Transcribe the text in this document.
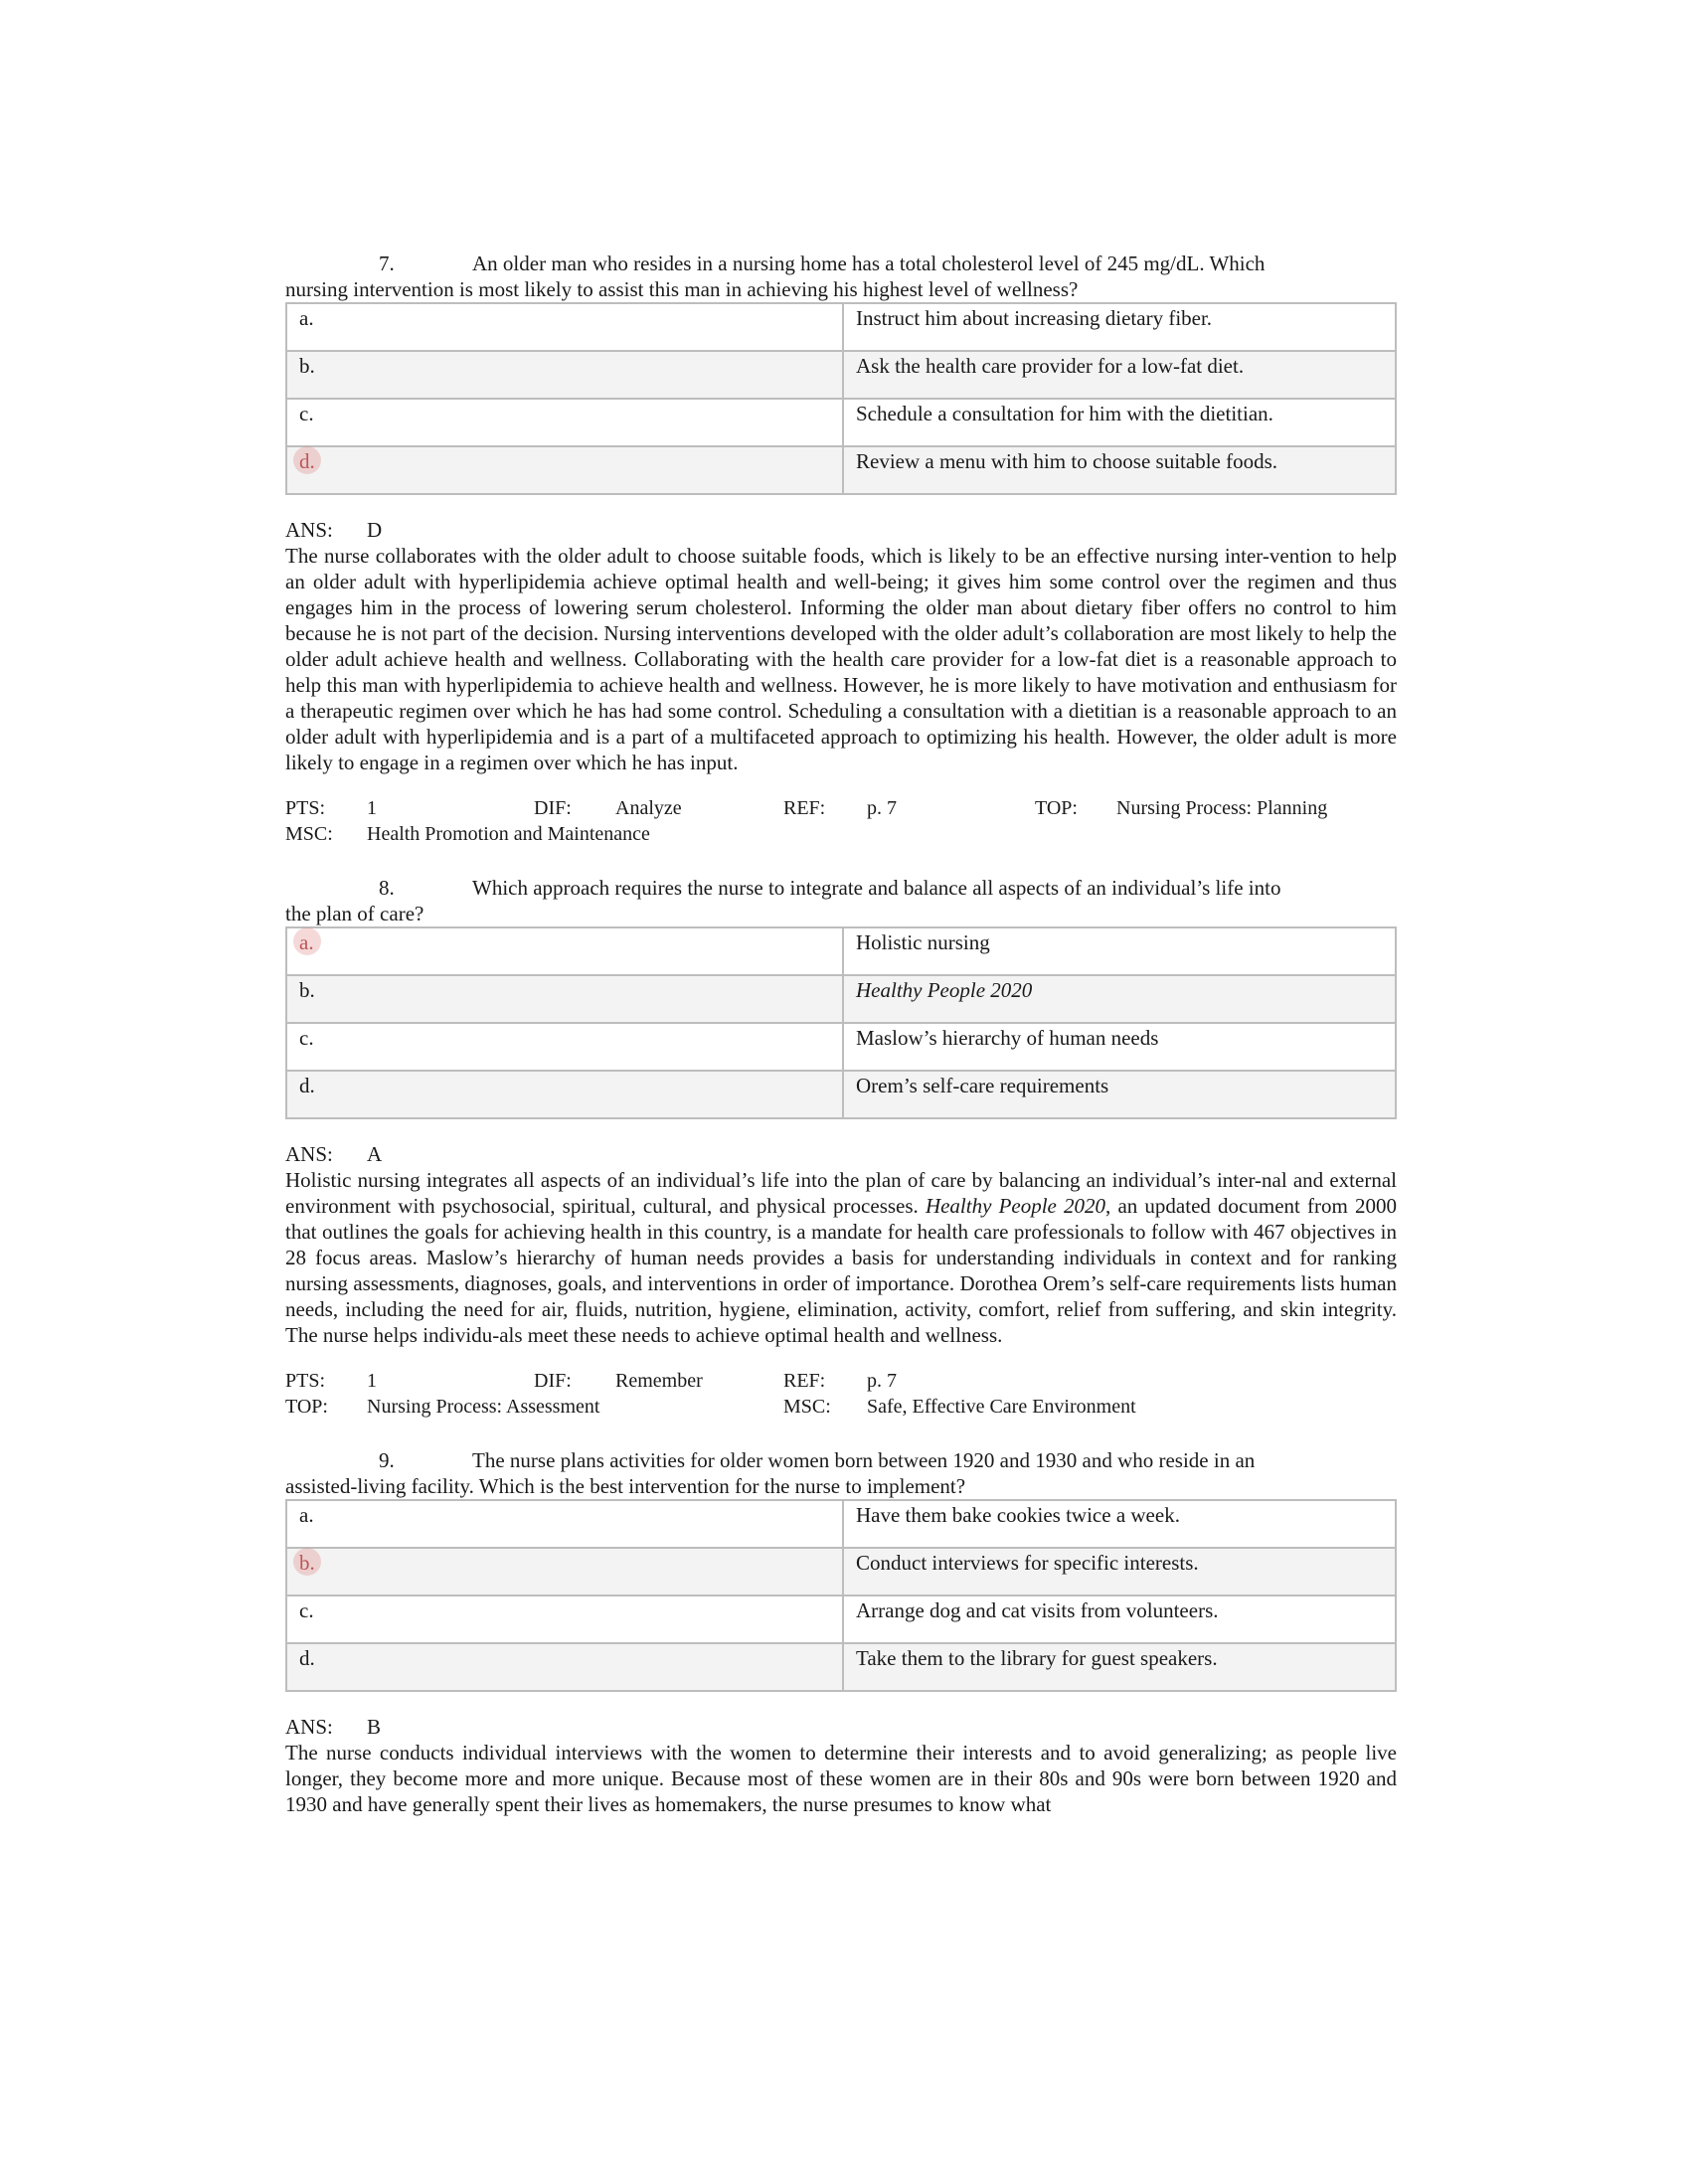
7.	An older man who resides in a nursing home has a total cholesterol level of 245 mg/dL. Which
nursing intervention is most likely to assist this man in achieving his highest level of wellness?

a.	Instruct him about increasing dietary fiber.
b.	Ask the health care provider for a low-fat diet.
c.	Schedule a consultation for him with the dietitian.
d.	Review a menu with him to choose suitable foods.
ANS: D

The nurse collaborates with the older adult to choose suitable foods, which is likely to be an effective nursing inter-vention to help an older adult with hyperlipidemia achieve optimal health and well-being; it gives him some control over the regimen and thus engages him in the process of lowering serum cholesterol. Informing the older man about dietary fiber offers no control to him because he is not part of the decision. Nursing interventions developed with the older adult’s collaboration are most likely to help the older adult achieve health and wellness. Collaborating with the health care provider for a low-fat diet is a reasonable approach to help this man with hyperlipidemia to achieve health and wellness. However, he is more likely to have motivation and enthusiasm for a therapeutic regimen over which he has had some control. Scheduling a consultation with a dietitian is a reasonable approach to an older adult with hyperlipidemia and is a part of a multifaceted approach to optimizing his health. However, the older adult is more likely to engage in a regimen over which he has input.

PTS:	1	DIF:	Analyze	REF:	p. 7	TOP:	Nursing Process: Planning
MSC:	Health Promotion and Maintenance

8.	Which approach requires the nurse to integrate and balance all aspects of an individual’s life into
the plan of care?

a.	Holistic nursing
b.	Healthy People 2020
c.	Maslow’s hierarchy of human needs
d.	Orem’s self-care requirements
ANS: A

Holistic nursing integrates all aspects of an individual’s life into the plan of care by balancing an individual’s inter-nal and external environment with psychosocial, spiritual, cultural, and physical processes. Healthy People 2020, an updated document from 2000 that outlines the goals for achieving health in this country, is a mandate for health care professionals to follow with 467 objectives in 28 focus areas. Maslow’s hierarchy of human needs provides a basis for understanding individuals in context and for ranking nursing assessments, diagnoses, goals, and interventions in order of importance. Dorothea Orem’s self-care requirements lists human needs, including the need for air, fluids, nutrition, hygiene, elimination, activity, comfort, relief from suffering, and skin integrity. The nurse helps individu-als meet these needs to achieve optimal health and wellness.

PTS:	1	DIF:	Remember	REF:	p. 7
TOP:	Nursing Process: Assessment	MSC:	Safe, Effective Care Environment

9.	The nurse plans activities for older women born between 1920 and 1930 and who reside in an
assisted-living facility. Which is the best intervention for the nurse to implement?

a.	Have them bake cookies twice a week.
b.	Conduct interviews for specific interests.
c.	Arrange dog and cat visits from volunteers.
d.	Take them to the library for guest speakers.
ANS: B

The nurse conducts individual interviews with the women to determine their interests and to avoid generalizing; as people live longer, they become more and more unique. Because most of these women are in their 80s and 90s were born between 1920 and 1930 and have generally spent their lives as homemakers, the nurse presumes to know what
